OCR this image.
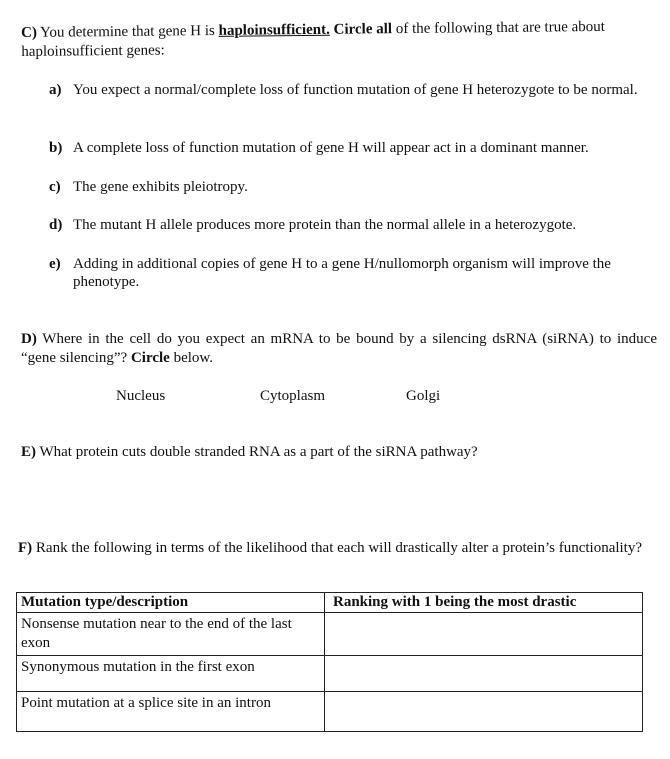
C) You determine that gene H is haploinsufficient. Circle all of the following that are true about haploinsufficient genes:
a) You expect a normal/complete loss of function mutation of gene H heterozygote to be normal.
b) A complete loss of function mutation of gene H will appear act in a dominant manner.
c) The gene exhibits pleiotropy.
d) The mutant H allele produces more protein than the normal allele in a heterozygote.
e) Adding in additional copies of gene H to a gene H/nullomorph organism will improve the phenotype.
D) Where in the cell do you expect an mRNA to be bound by a silencing dsRNA (siRNA) to induce “gene silencing”? Circle below.
Nucleus	Cytoplasm	Golgi
E) What protein cuts double stranded RNA as a part of the siRNA pathway?
F) Rank the following in terms of the likelihood that each will drastically alter a protein’s functionality?
Mutation type/description	Ranking with 1 being the most drastic
Nonsense mutation near to the end of the last exon	
Synonymous mutation in the first exon	
Point mutation at a splice site in an intron	
